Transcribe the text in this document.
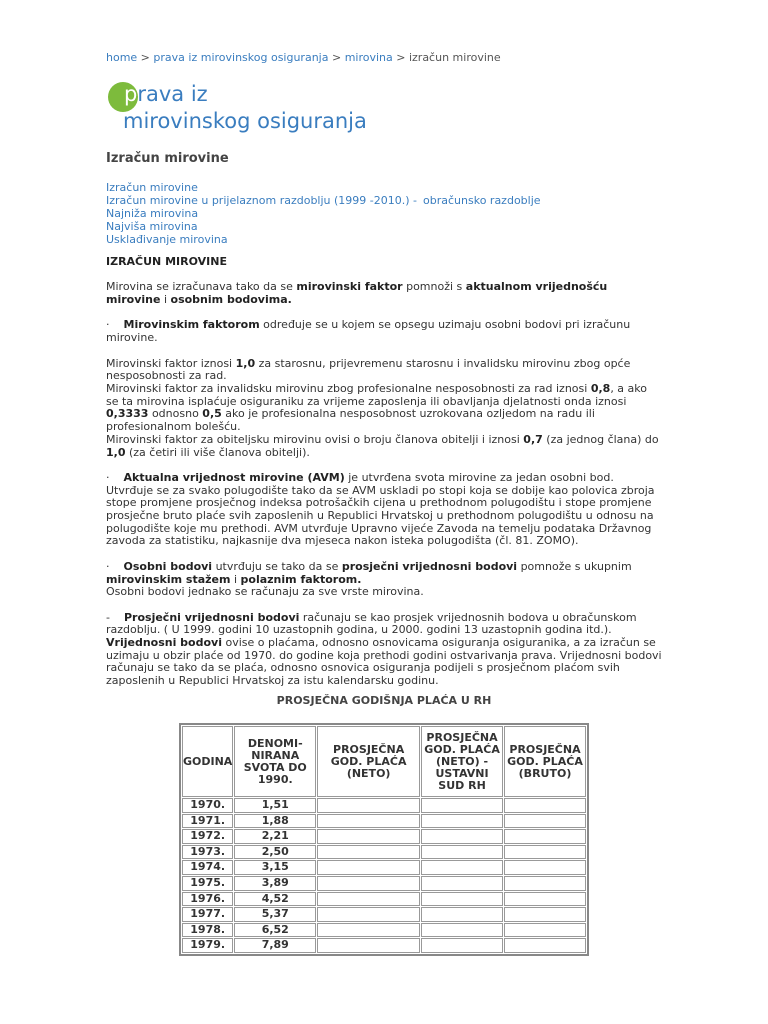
home > prava iz mirovinskog osiguranja > mirovina > izračun mirovine
prava iz
mirovinskog osiguranja
Izračun mirovine
Izračun mirovine
Izračun mirovine u prijelaznom razdoblju (1999 -2010.) - obračunsko razdoblje
Najniža mirovina
Najviša mirovina
Usklađivanje mirovina

IZRAČUN MIROVINE

Mirovina se izračunava tako da se mirovinski faktor pomnoži s aktualnom vrijednošću mirovine i osobnim bodovima.

· Mirovinskim faktorom određuje se u kojem se opsegu uzimaju osobni bodovi pri izračunu mirovine.

Mirovinski faktor iznosi 1,0 za starosnu, prijevremenu starosnu i invalidsku mirovinu zbog opće nesposobnosti za rad.
Mirovinski faktor za invalidsku mirovinu zbog profesionalne nesposobnosti za rad iznosi 0,8, a ako se ta mirovina isplaćuje osiguraniku za vrijeme zaposlenja ili obavljanja djelatnosti onda iznosi 0,3333 odnosno 0,5 ako je profesionalna nesposobnost uzrokovana ozljedom na radu ili profesionalnom bolešću.
Mirovinski faktor za obiteljsku mirovinu ovisi o broju članova obitelji i iznosi 0,7 (za jednog člana) do 1,0 (za četiri ili više članova obitelji).

· Aktualna vrijednost mirovine (AVM) je utvrđena svota mirovine za jedan osobni bod. Utvrđuje se za svako polugodište tako da se AVM uskladi po stopi koja se dobije kao polovica zbroja stope promjene prosječnog indeksa potrošačkih cijena u prethodnom polugodištu i stope promjene prosječne bruto plaće svih zaposlenih u Republici Hrvatskoj u prethodnom polugodištu u odnosu na polugodište koje mu prethodi. AVM utvrđuje Upravno vijeće Zavoda na temelju podataka Državnog zavoda za statistiku, najkasnije dva mjeseca nakon isteka polugodišta (čl. 81. ZOMO).

· Osobni bodovi utvrđuju se tako da se prosječni vrijednosni bodovi pomnože s ukupnim mirovinskim stažem i polaznim faktorom.
Osobni bodovi jednako se računaju za sve vrste mirovina.

- Prosječni vrijednosni bodovi računaju se kao prosjek vrijednosnih bodova u obračunskom razdoblju. ( U 1999. godini 10 uzastopnih godina, u 2000. godini 13 uzastopnih godina itd.). Vrijednosni bodovi ovise o plaćama, odnosno osnovicama osiguranja osiguranika, a za izračun se uzimaju u obzir plaće od 1970. do godine koja prethodi godini ostvarivanja prava. Vrijednosni bodovi računaju se tako da se plaća, odnosno osnovica osiguranja podijeli s prosječnom plaćom svih zaposlenih u Republici Hrvatskoj za istu kalendarsku godinu.

PROSJEČNA GODIŠNJA PLAĆA U RH
GODINA	DENOMI-NIRANA SVOTA DO 1990.	PROSJEČNA GOD. PLAĆA (NETO)	PROSJEČNA GOD. PLAĆA (NETO) - USTAVNI SUD RH	PROSJEČNA GOD. PLAĆA (BRUTO)
1970.	1,51			
1971.	1,88			
1972.	2,21			
1973.	2,50			
1974.	3,15			
1975.	3,89			
1976.	4,52			
1977.	5,37			
1978.	6,52			
1979.	7,89			
